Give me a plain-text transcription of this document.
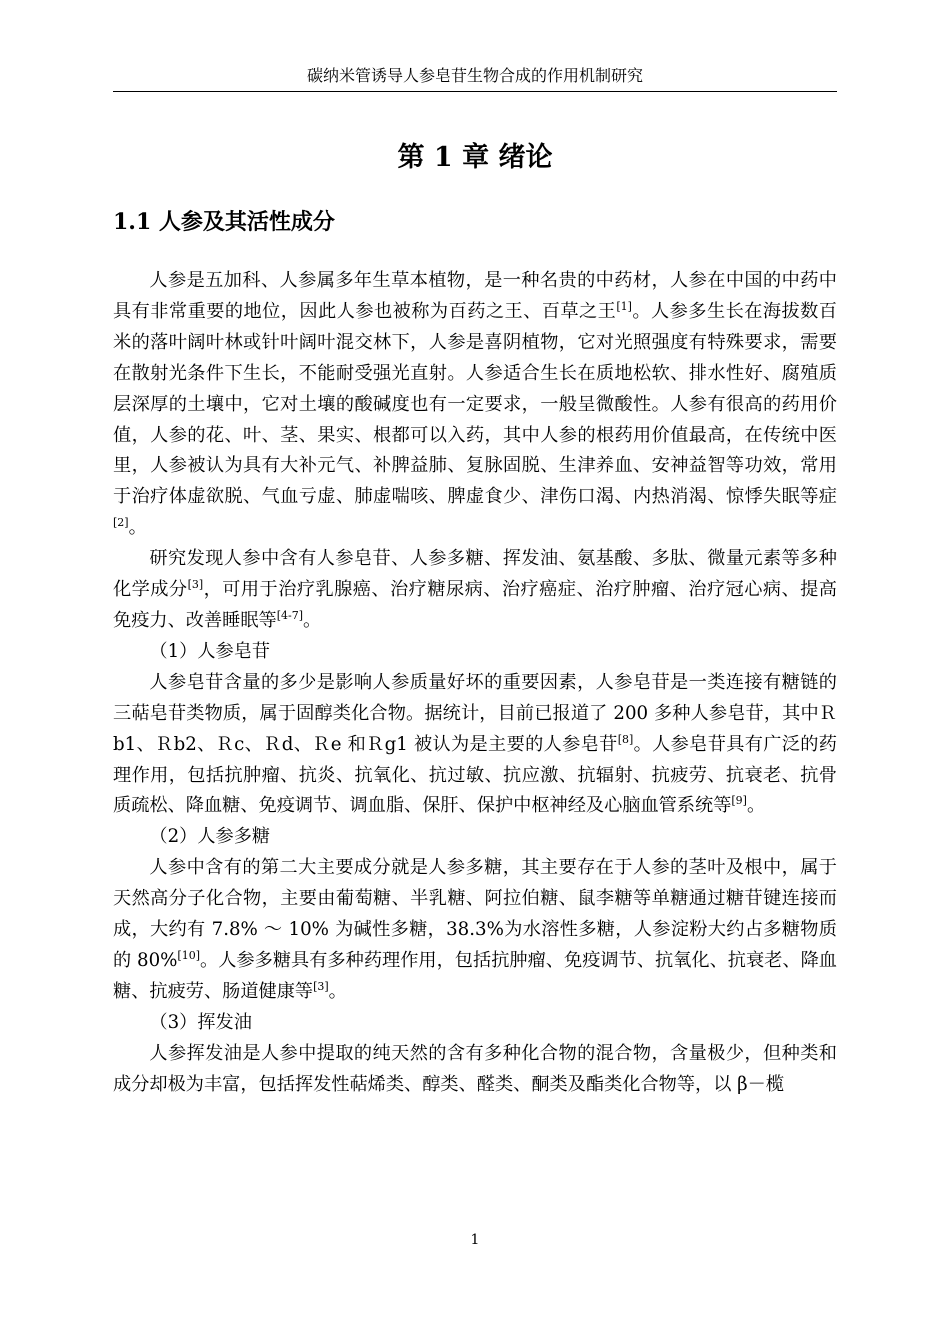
碳纳米管诱导人参皂苷生物合成的作用机制研究
第 1 章 绪论
1.1 人参及其活性成分

人参是五加科、人参属多年生草本植物，是一种名贵的中药材，人参在中国的中药中具有非常重要的地位，因此人参也被称为百药之王、百草之王[1]。人参多生长在海拔数百米的落叶阔叶林或针叶阔叶混交林下，人参是喜阴植物，它对光照强度有特殊要求，需要在散射光条件下生长，不能耐受强光直射。人参适合生长在质地松软、排水性好、腐殖质层深厚的土壤中，它对土壤的酸碱度也有一定要求，一般呈微酸性。人参有很高的药用价值，人参的花、叶、茎、果实、根都可以入药，其中人参的根药用价值最高，在传统中医里，人参被认为具有大补元气、补脾益肺、复脉固脱、生津养血、安神益智等功效，常用于治疗体虚欲脱、气血亏虚、肺虚喘咳、脾虚食少、津伤口渴、内热消渴、惊悸失眠等症[2]。

研究发现人参中含有人参皂苷、人参多糖、挥发油、氨基酸、多肽、微量元素等多种化学成分[3]，可用于治疗乳腺癌、治疗糖尿病、治疗癌症、治疗肿瘤、治疗冠心病、提高免疫力、改善睡眠等[4-7]。

（1）人参皂苷

人参皂苷含量的多少是影响人参质量好坏的重要因素，人参皂苷是一类连接有糖链的三萜皂苷类物质，属于固醇类化合物。据统计，目前已报道了 200 多种人参皂苷，其中Ｒb1、Ｒb2、Ｒc、Ｒd、Ｒe 和Ｒg1 被认为是主要的人参皂苷[8]。人参皂苷具有广泛的药理作用，包括抗肿瘤、抗炎、抗氧化、抗过敏、抗应激、抗辐射、抗疲劳、抗衰老、抗骨质疏松、降血糖、免疫调节、调血脂、保肝、保护中枢神经及心脑血管系统等[9]。

（2）人参多糖

人参中含有的第二大主要成分就是人参多糖，其主要存在于人参的茎叶及根中，属于天然高分子化合物，主要由葡萄糖、半乳糖、阿拉伯糖、鼠李糖等单糖通过糖苷键连接而成，大约有 7.8% ～ 10% 为碱性多糖，38.3%为水溶性多糖，人参淀粉大约占多糖物质的 80%[10]。人参多糖具有多种药理作用，包括抗肿瘤、免疫调节、抗氧化、抗衰老、降血糖、抗疲劳、肠道健康等[3]。

（3）挥发油

人参挥发油是人参中提取的纯天然的含有多种化合物的混合物，含量极少，但种类和成分却极为丰富，包括挥发性萜烯类、醇类、醛类、酮类及酯类化合物等，以 β－榄

1
